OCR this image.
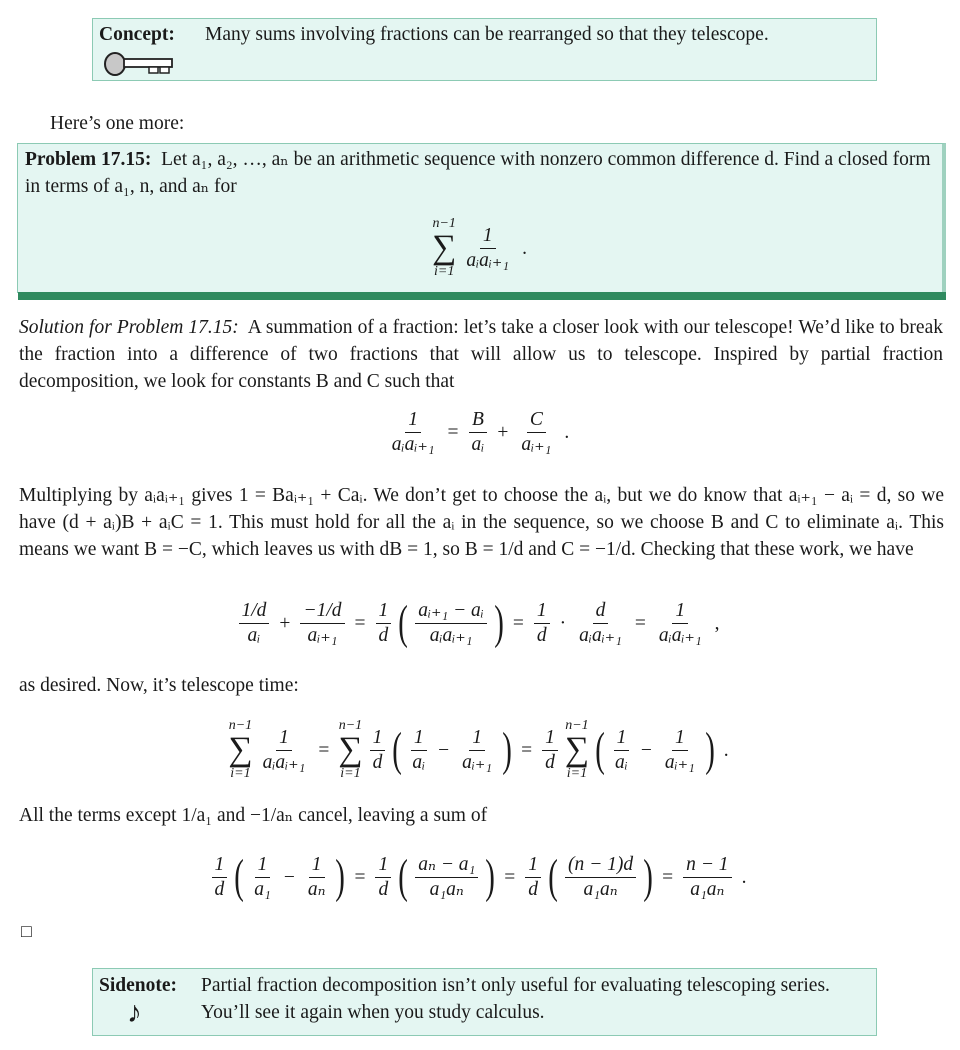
Concept: Many sums involving fractions can be rearranged so that they telescope.
Here’s one more:
Problem 17.15: Let a₁, a₂, …, aₙ be an arithmetic sequence with nonzero common difference d. Find a closed form in terms of a₁, n, and aₙ for
n−1
∑
$i=1 \frac{1}{\text{aᵢaᵢ₊₁}}$ .
Solution for Problem 17.15: A summation of a fraction: let’s take a closer look with our telescope! We’d like to break the fraction into a difference of two fractions that will allow us to telescope. Inspired by partial fraction decomposition, we look for constants B and C such that
$\frac{1}{\text{aᵢaᵢ₊₁}} = \frac{B}{\text{aᵢ}} + \frac{C}{\text{aᵢ₊₁}}$ .
Multiplying by aᵢaᵢ₊₁ gives 1 = Baᵢ₊₁ + Caᵢ. We don’t get to choose the aᵢ, but we do know that aᵢ₊₁ − aᵢ = d, so we have (d + aᵢ)B + aᵢC = 1. This must hold for all the aᵢ in the sequence, so we choose B and C to eliminate aᵢ. This means we want B = −C, which leaves us with dB = 1, so B = 1/d and C = −1/d. Checking that these work, we have
$\frac{1/d}{\text{aᵢ}} + \frac{-1/d}{\text{aᵢ₊₁}} = \frac{1}{d}$ ( $\frac{\text{aᵢ₊₁ − aᵢ}}{\text{aᵢaᵢ₊₁}}$ ) = $\frac{1}{d} \cdot \frac{d}{\text{aᵢaᵢ₊₁}} = \frac{1}{\text{aᵢaᵢ₊₁}}$ ,
as desired. Now, it’s telescope time:
n−1
∑
$i=1 \frac{1}{\text{aᵢaᵢ₊₁}}$ =
n−1
∑
$i=1 \frac{1}{d}$ ( $\frac{1}{\text{aᵢ}} - \frac{1}{\text{aᵢ₊₁}}$ ) = $\frac{1}{d} n-1$
∑
i=1 ( $\frac{1}{\text{aᵢ}} - \frac{1}{\text{aᵢ₊₁}}$ ) .
All the terms except 1/a₁ and −1/aₙ cancel, leaving a sum of
$\frac{1}{d}$ ( $\frac{1}{\text{a₁}} - \frac{1}{\text{aₙ}}$ ) = $\frac{1}{d}$ ( $\frac{\text{aₙ − a₁}}{\text{a₁aₙ}}$ ) = $\frac{1}{d}$ ( $\frac{(n - 1)d}{\text{a₁aₙ}}$ ) = $\frac{n - 1}{\text{a₁aₙ}}$ .
□
Sidenote: Partial fraction decomposition isn’t only useful for evaluating telescoping series. You’ll see it again when you study calculus.
♪
